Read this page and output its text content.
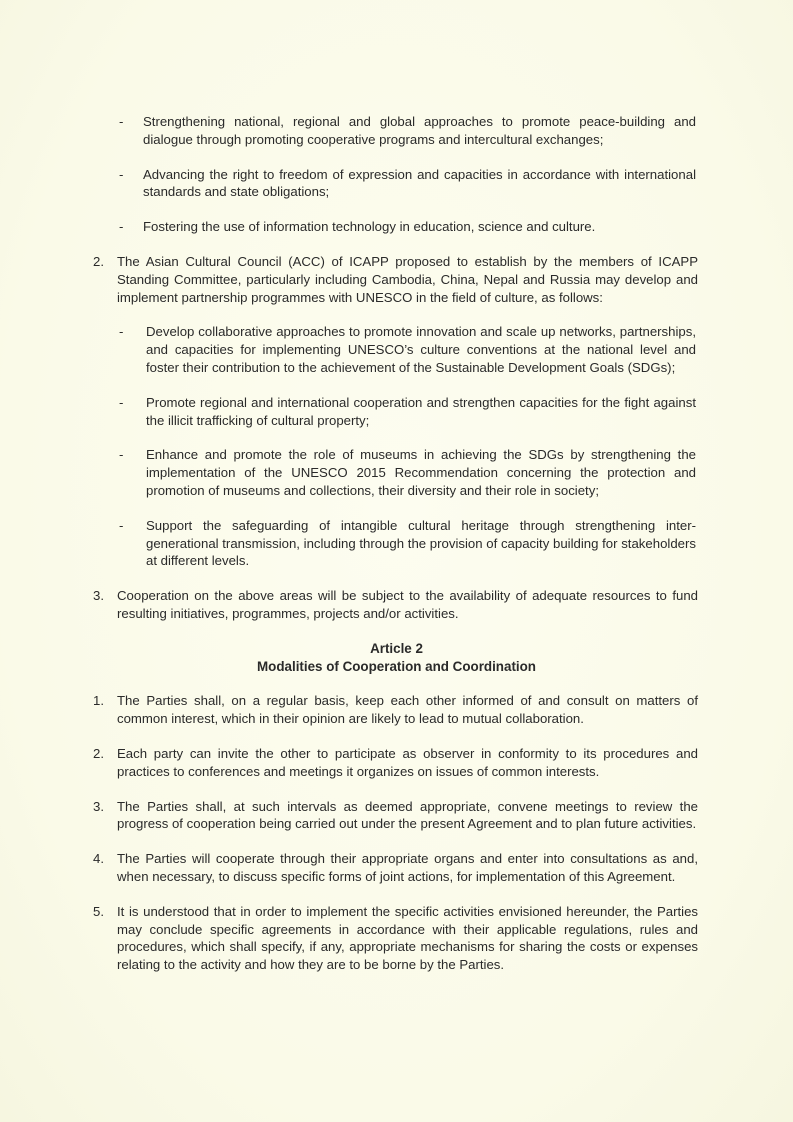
- Strengthening national, regional and global approaches to promote peace-building and dialogue through promoting cooperative programs and intercultural exchanges;

- Advancing the right to freedom of expression and capacities in accordance with international standards and state obligations;

- Fostering the use of information technology in education, science and culture.

2. The Asian Cultural Council (ACC) of ICAPP proposed to establish by the members of ICAPP Standing Committee, particularly including Cambodia, China, Nepal and Russia may develop and implement partnership programmes with UNESCO in the field of culture, as follows:

- Develop collaborative approaches to promote innovation and scale up networks, partnerships, and capacities for implementing UNESCO’s culture conventions at the national level and foster their contribution to the achievement of the Sustainable Development Goals (SDGs);

- Promote regional and international cooperation and strengthen capacities for the fight against the illicit trafficking of cultural property;

- Enhance and promote the role of museums in achieving the SDGs by strengthening the implementation of the UNESCO 2015 Recommendation concerning the protection and promotion of museums and collections, their diversity and their role in society;

- Support the safeguarding of intangible cultural heritage through strengthening inter-generational transmission, including through the provision of capacity building for stakeholders at different levels.

3. Cooperation on the above areas will be subject to the availability of adequate resources to fund resulting initiatives, programmes, projects and/or activities.

Article 2

Modalities of Cooperation and Coordination

1. The Parties shall, on a regular basis, keep each other informed of and consult on matters of common interest, which in their opinion are likely to lead to mutual collaboration.

2. Each party can invite the other to participate as observer in conformity to its procedures and practices to conferences and meetings it organizes on issues of common interests.

3. The Parties shall, at such intervals as deemed appropriate, convene meetings to review the progress of cooperation being carried out under the present Agreement and to plan future activities.

4. The Parties will cooperate through their appropriate organs and enter into consultations as and, when necessary, to discuss specific forms of joint actions, for implementation of this Agreement.

5. It is understood that in order to implement the specific activities envisioned hereunder, the Parties may conclude specific agreements in accordance with their applicable regulations, rules and procedures, which shall specify, if any, appropriate mechanisms for sharing the costs or expenses relating to the activity and how they are to be borne by the Parties.
